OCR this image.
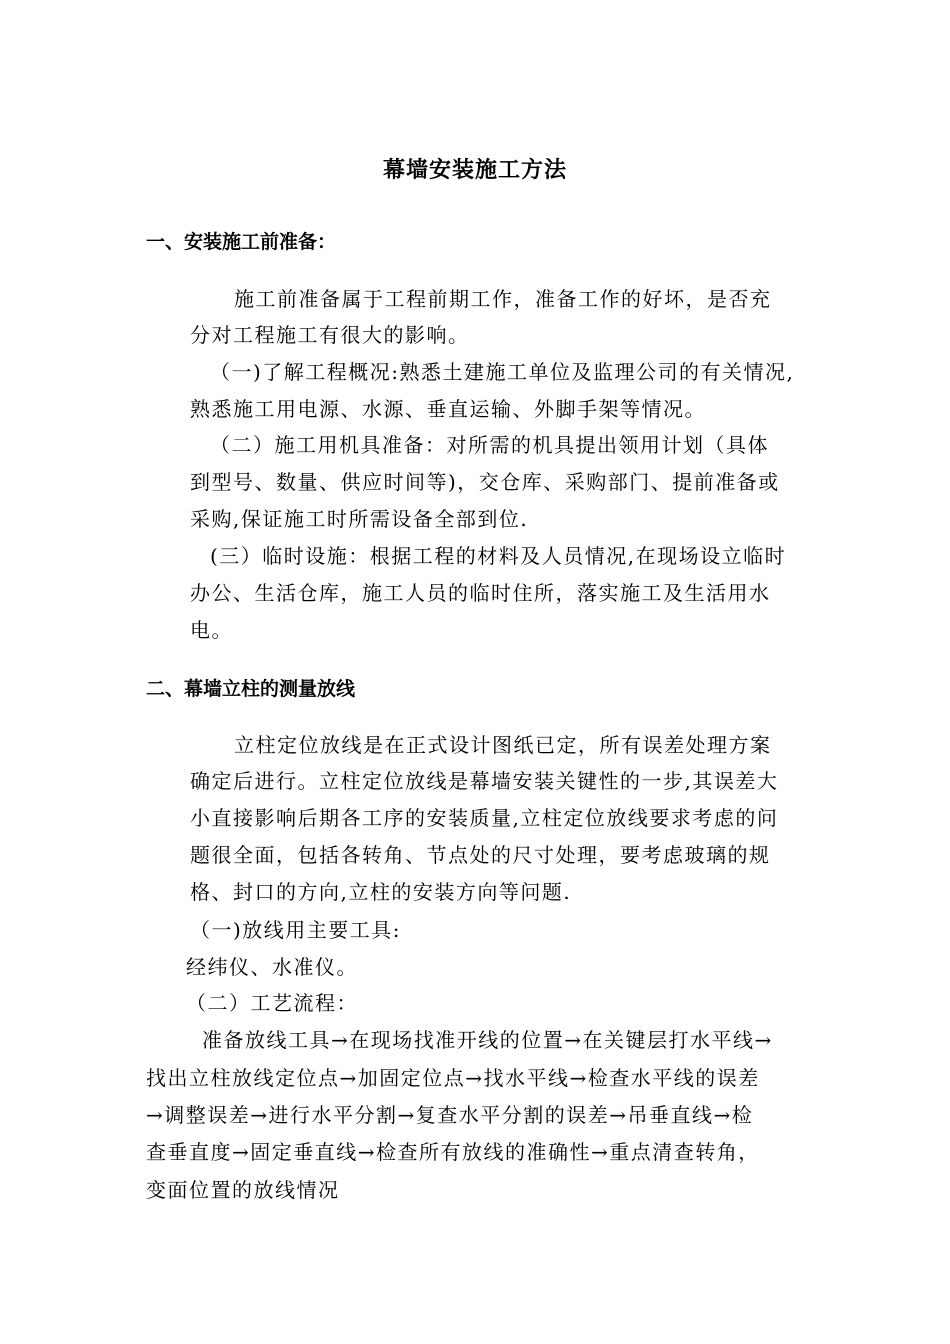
幕墙安装施工方法
一、安装施工前准备：
施工前准备属于工程前期工作，准备工作的好坏，是否充
分对工程施工有很大的影响。
（一)了解工程概况:熟悉土建施工单位及监理公司的有关情况,
熟悉施工用电源、水源、垂直运输、外脚手架等情况。
（二）施工用机具准备：对所需的机具提出领用计划（具体
到型号、数量、供应时间等)，交仓库、采购部门、提前准备或
采购,保证施工时所需设备全部到位.
(三）临时设施：根据工程的材料及人员情况,在现场设立临时
办公、生活仓库，施工人员的临时住所，落实施工及生活用水
电。
二、幕墙立柱的测量放线
立柱定位放线是在正式设计图纸已定，所有误差处理方案
确定后进行。立柱定位放线是幕墙安装关键性的一步,其误差大
小直接影响后期各工序的安装质量,立柱定位放线要求考虑的问
题很全面，包括各转角、节点处的尺寸处理，要考虑玻璃的规
格、封口的方向,立柱的安装方向等问题.
（一)放线用主要工具:
经纬仪、水准仪。
（二）工艺流程：
准备放线工具→在现场找准开线的位置→在关键层打水平线→
找出立柱放线定位点→加固定位点→找水平线→检查水平线的误差
→调整误差→进行水平分割→复查水平分割的误差→吊垂直线→检
查垂直度→固定垂直线→检查所有放线的准确性→重点清查转角，
变面位置的放线情况
